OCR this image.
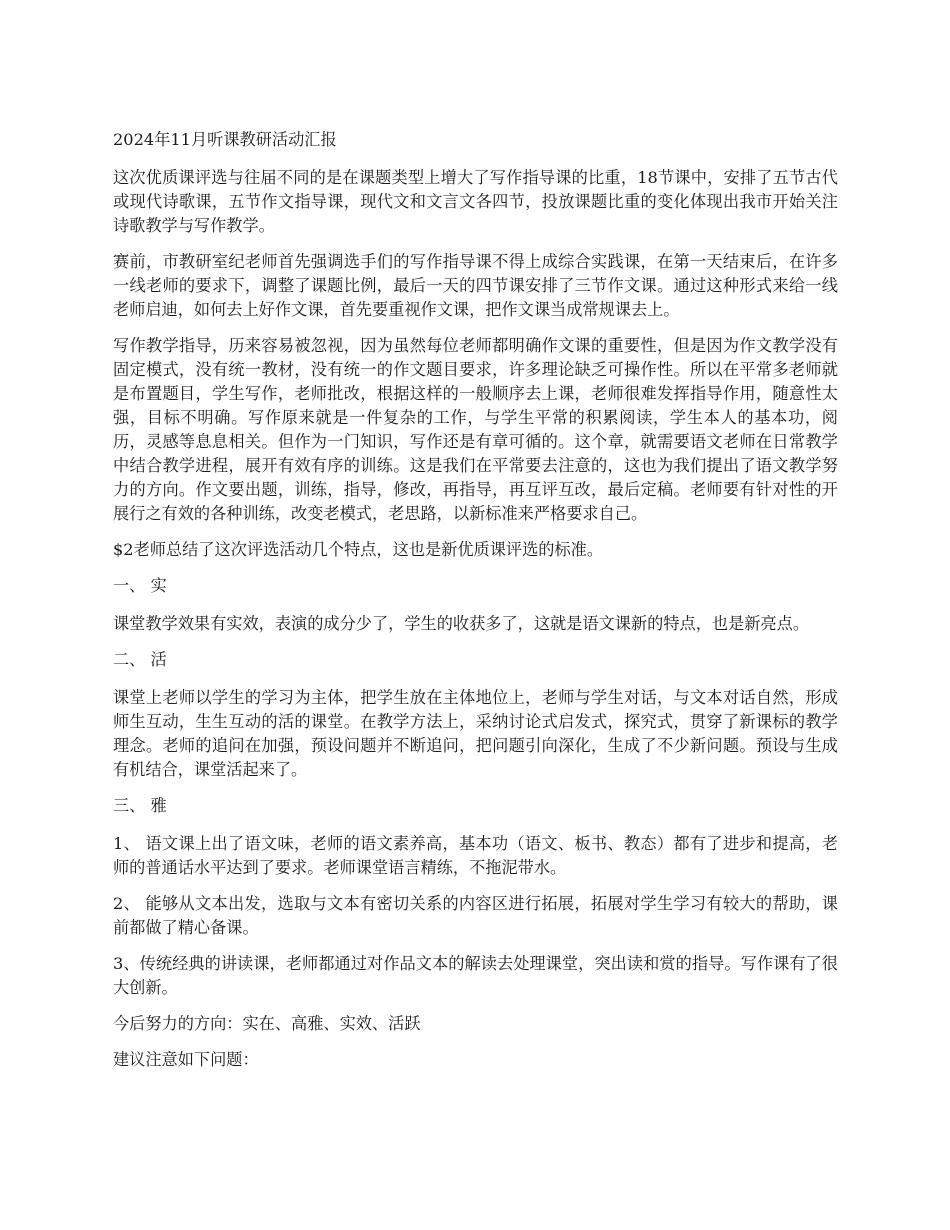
2024年11月听课教研活动汇报

这次优质课评选与往届不同的是在课题类型上增大了写作指导课的比重，18节课中，安排了五节古代或现代诗歌课，五节作文指导课，现代文和文言文各四节，投放课题比重的变化体现出我市开始关注诗歌教学与写作教学。

赛前，市教研室纪老师首先强调选手们的写作指导课不得上成综合实践课，在第一天结束后，在许多一线老师的要求下，调整了课题比例，最后一天的四节课安排了三节作文课。通过这种形式来给一线老师启迪，如何去上好作文课，首先要重视作文课，把作文课当成常规课去上。

写作教学指导，历来容易被忽视，因为虽然每位老师都明确作文课的重要性，但是因为作文教学没有固定模式，没有统一教材，没有统一的作文题目要求，许多理论缺乏可操作性。所以在平常多老师就是布置题目，学生写作，老师批改，根据这样的一般顺序去上课，老师很难发挥指导作用，随意性太强，目标不明确。写作原来就是一件复杂的工作，与学生平常的积累阅读，学生本人的基本功，阅历，灵感等息息相关。但作为一门知识，写作还是有章可循的。这个章，就需要语文老师在日常教学中结合教学进程，展开有效有序的训练。这是我们在平常要去注意的，这也为我们提出了语文教学努力的方向。作文要出题，训练，指导，修改，再指导，再互评互改，最后定稿。老师要有针对性的开展行之有效的各种训练，改变老模式，老思路，以新标准来严格要求自己。

$2老师总结了这次评选活动几个特点，这也是新优质课评选的标准。

一、 实

课堂教学效果有实效，表演的成分少了，学生的收获多了，这就是语文课新的特点，也是新亮点。

二、 活

课堂上老师以学生的学习为主体，把学生放在主体地位上，老师与学生对话，与文本对话自然，形成师生互动，生生互动的活的课堂。在教学方法上，采纳讨论式启发式，探究式，贯穿了新课标的教学理念。老师的追问在加强，预设问题并不断追问，把问题引向深化，生成了不少新问题。预设与生成有机结合，课堂活起来了。

三、 雅

1、 语文课上出了语文味，老师的语文素养高，基本功（语文、板书、教态）都有了进步和提高，老师的普通话水平达到了要求。老师课堂语言精练，不拖泥带水。

2、 能够从文本出发，选取与文本有密切关系的内容区进行拓展，拓展对学生学习有较大的帮助，课前都做了精心备课。

3、传统经典的讲读课，老师都通过对作品文本的解读去处理课堂，突出读和赏的指导。写作课有了很大创新。

今后努力的方向：实在、高雅、实效、活跃

建议注意如下问题：
